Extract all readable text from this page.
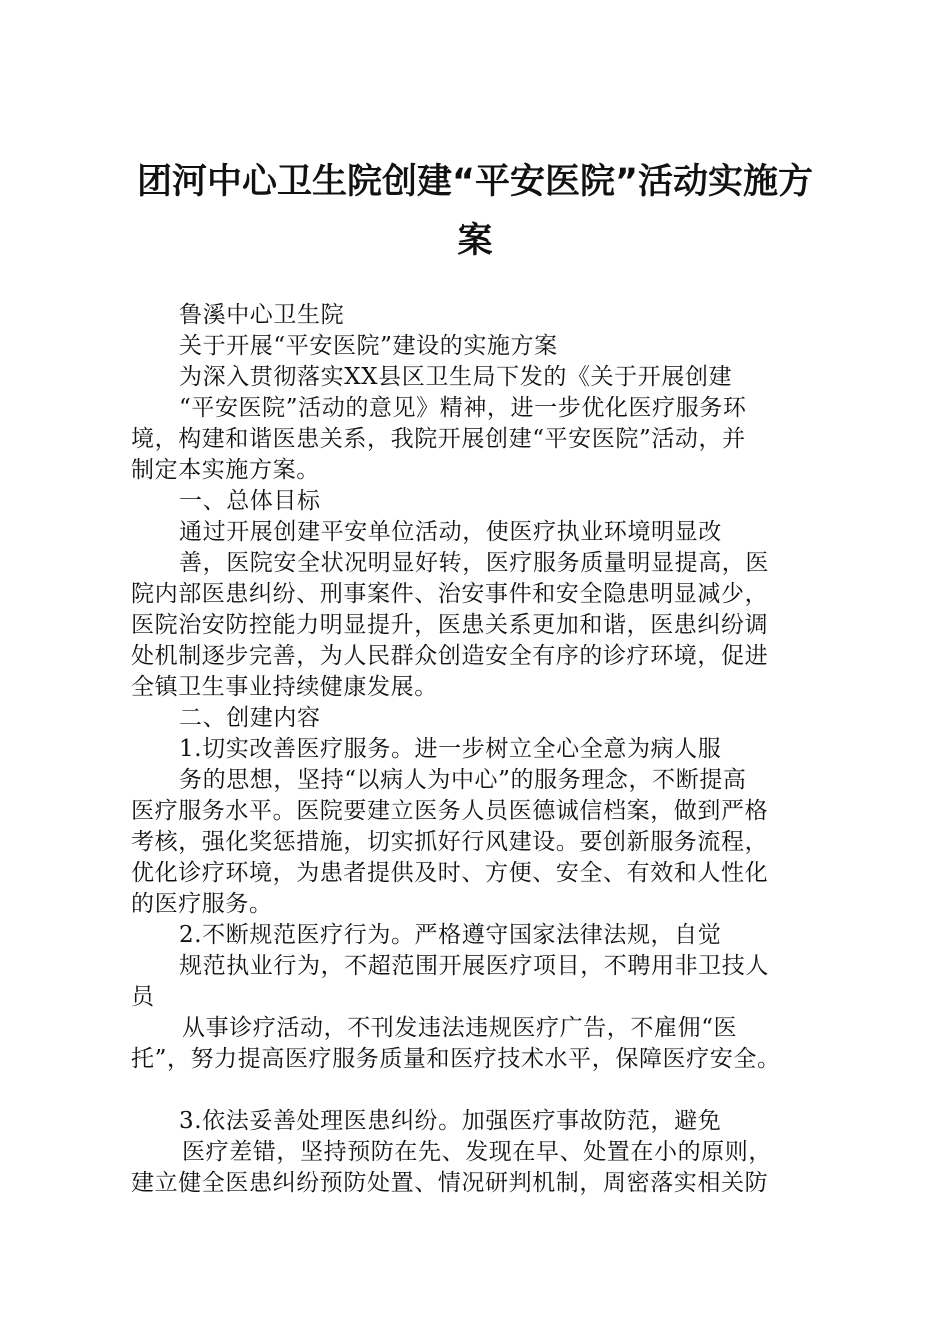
团河中心卫生院创建“平安医院”活动实施方
案
鲁溪中心卫生院
关于开展“平安医院”建设的实施方案
为深入贯彻落实XX县区卫生局下发的《关于开展创建
“平安医院”活动的意见》精神，进一步优化医疗服务环
境，构建和谐医患关系，我院开展创建“平安医院”活动，并
制定本实施方案。
一、总体目标
通过开展创建平安单位活动，使医疗执业环境明显改
善，医院安全状况明显好转，医疗服务质量明显提高，医
院内部医患纠纷、刑事案件、治安事件和安全隐患明显减少，
医院治安防控能力明显提升，医患关系更加和谐，医患纠纷调
处机制逐步完善，为人民群众创造安全有序的诊疗环境，促进
全镇卫生事业持续健康发展。
二、创建内容
1.切实改善医疗服务。进一步树立全心全意为病人服
务的思想，坚持“以病人为中心”的服务理念，不断提高
医疗服务水平。医院要建立医务人员医德诚信档案，做到严格
考核，强化奖惩措施，切实抓好行风建设。要创新服务流程，
优化诊疗环境，为患者提供及时、方便、安全、有效和人性化
的医疗服务。
2.不断规范医疗行为。严格遵守国家法律法规，自觉
规范执业行为，不超范围开展医疗项目，不聘用非卫技人
员
从事诊疗活动，不刊发违法违规医疗广告，不雇佣“医
托”，努力提高医疗服务质量和医疗技术水平，保障医疗安全。
3.依法妥善处理医患纠纷。加强医疗事故防范，避免
医疗差错，坚持预防在先、发现在早、处置在小的原则，
建立健全医患纠纷预防处置、情况研判机制，周密落实相关防
